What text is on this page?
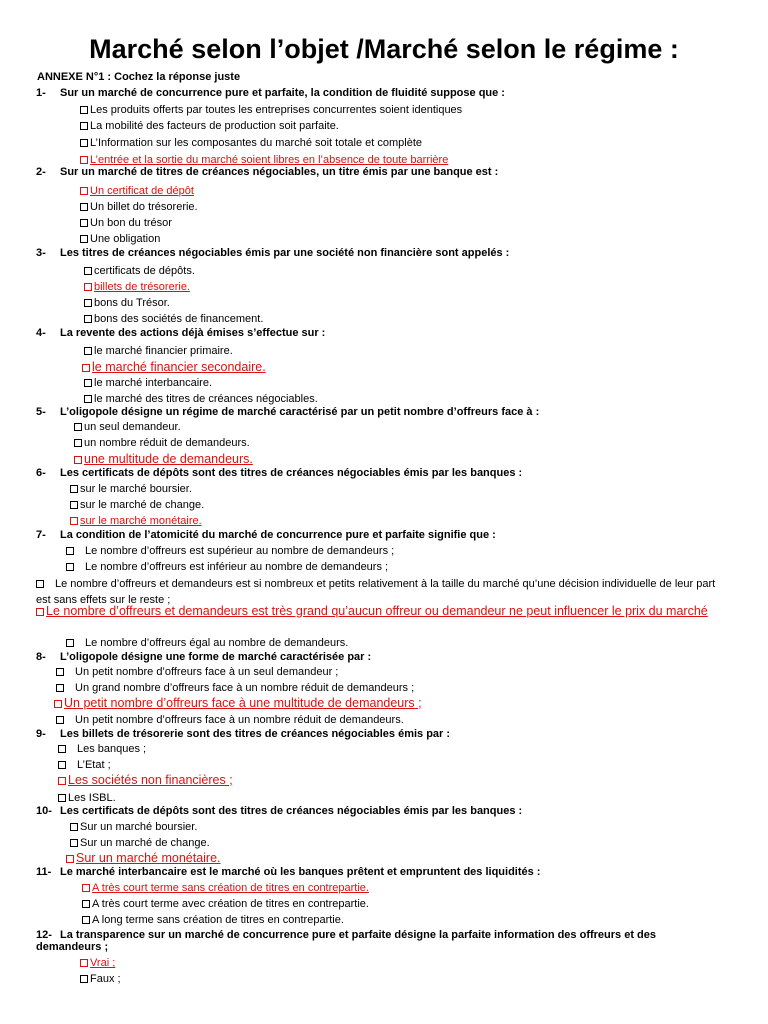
Marché selon l’objet /Marché selon le régime :
ANNEXE N°1 : Cochez la réponse juste
1- Sur un marché de concurrence pure et parfaite, la condition de fluidité suppose que :
Les produits offerts par toutes les entreprises concurrentes soient identiques
La mobilité des facteurs de production soit parfaite.
L’Information sur les composantes du marché soit totale et complète
L’entrée et la sortie du marché soient libres en l’absence de toute barrière
2- Sur un marché de titres de créances négociables, un titre émis par une banque est :
Un certificat de dépôt
Un billet do trésorerie.
Un bon du trésor
Une obligation
3- Les titres de créances négociables émis par une société non financière sont appelés :
certificats de dépôts.
billets de trésorerie.
bons du Trésor.
bons des sociétés de financement.
4- La revente des actions déjà émises s’effectue sur :
le marché financier primaire.
le marché financier secondaire.
le marché interbancaire.
le marché des titres de créances négociables.
5- L’oligopole désigne un régime de marché caractérisé par un petit nombre d’offreurs face à :
un seul demandeur.
un nombre réduit de demandeurs.
une multitude de demandeurs.
6- Les certificats de dépôts sont des titres de créances négociables émis par les banques :
sur le marché boursier.
sur le marché de change.
sur le marché monétaire.
7- La condition de l’atomicité du marché de concurrence pure et parfaite signifie que :
Le nombre d’offreurs est supérieur au nombre de demandeurs ;
Le nombre d’offreurs est inférieur au nombre de demandeurs ;
Le nombre d’offreurs et demandeurs est si nombreux et petits relativement à la taille du marché qu’une décision individuelle de leur part est sans effets sur le reste ;
Le nombre d’offreurs et demandeurs est très grand qu’aucun offreur ou demandeur ne peut influencer le prix du marché
Le nombre d’offreurs égal au nombre de demandeurs.
8- L’oligopole désigne une forme de marché caractérisée par :
Un petit nombre d’offreurs face à un seul demandeur ;
Un grand nombre d’offreurs face à un nombre réduit de demandeurs ;
Un petit nombre d’offreurs face à une multitude de demandeurs ;
Un petit nombre d’offreurs face à un nombre réduit de demandeurs.
9- Les billets de trésorerie sont des titres de créances négociables émis par :
Les banques ;
L’Etat ;
Les sociétés non financières ;
Les ISBL.
10- Les certificats de dépôts sont des titres de créances négociables émis par les banques :
Sur un marché boursier.
Sur un marché de change.
Sur un marché monétaire.
11- Le marché interbancaire est le marché où les banques prêtent et empruntent des liquidités :
A très court terme sans création de titres en contrepartie.
A très court terme avec création de titres en contrepartie.
A long terme sans création de titres en contrepartie.
12- La transparence sur un marché de concurrence pure et parfaite désigne la parfaite information des offreurs et des demandeurs ;
Vrai ;
Faux ;
